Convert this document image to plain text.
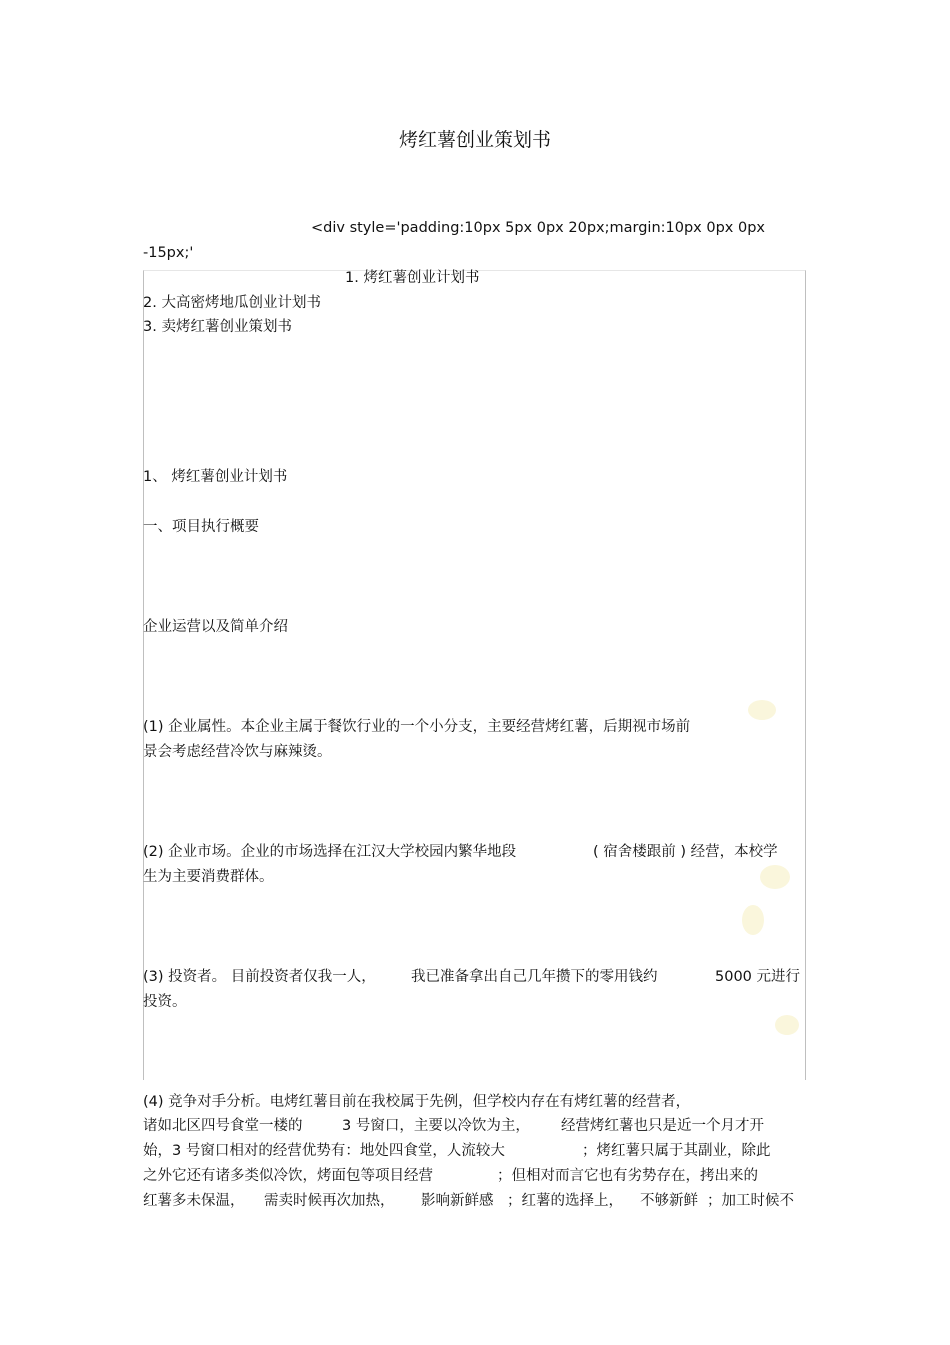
烤红薯创业策划书
<div style='padding:10px 5px 0px 20px;margin:10px 0px 0px
-15px;'
1. 烤红薯创业计划书
2. 大高密烤地瓜创业计划书
3. 卖烤红薯创业策划书
1、 烤红薯创业计划书
一、项目执行概要
企业运营以及简单介绍
(1) 企业属性。本企业主属于餐饮行业的一个小分支，主要经营烤红薯，后期视市场前
景会考虑经营冷饮与麻辣烫。
(2) 企业市场。企业的市场选择在江汉大学校园内繁华地段	( 宿舍楼跟前 ) 经营，本校学
生为主要消费群体。
(3) 投资者。 目前投资者仅我一人， 我已准备拿出自己几年攒下的零用钱约	5000 元进行
投资。
(4) 竞争对手分析。电烤红薯目前在我校属于先例，但学校内存在有烤红薯的经营者，
诸如北区四号食堂一楼的	3 号窗口，主要以冷饮为主， 经营烤红薯也只是近一个月才开
始，3 号窗口相对的经营优势有：地处四食堂，人流较大	；烤红薯只属于其副业，除此
之外它还有诸多类似冷饮，烤面包等项目经营	；但相对而言它也有劣势存在，拷出来的
红薯多未保温， 需卖时候再次加热， 影响新鲜感 ；红薯的选择上， 不够新鲜 ；加工时候不
